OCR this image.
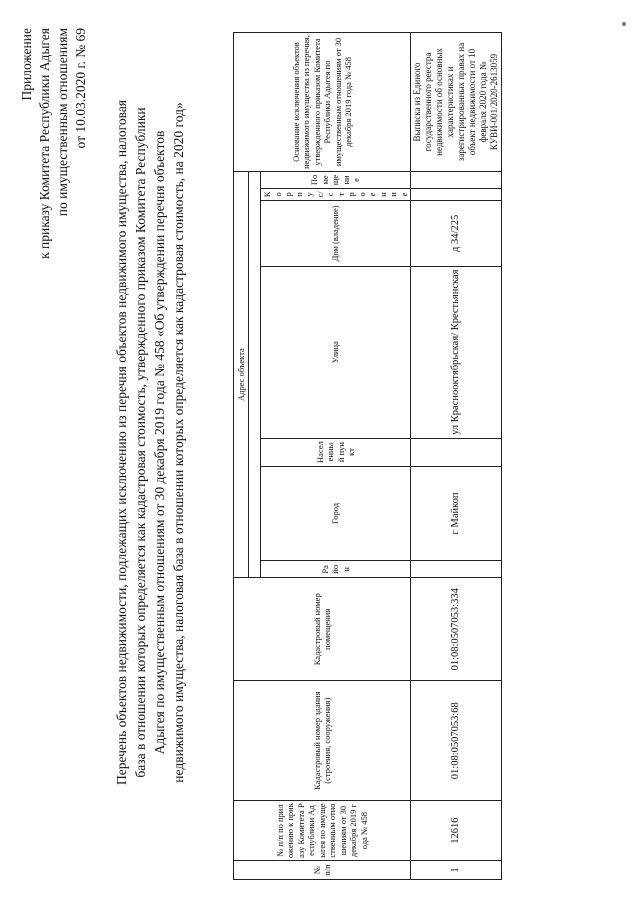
Приложение к приказу Комитета Республики Адыгея по имущественным отношениям от 10.03.2020 г. № 69
Перечень объектов недвижимости, подлежащих исключению из перечня объектов недвижимого имущества, налоговая база в отношении которых определяется как кадастровая стоимость, утвержденного приказом Комитета Республики Адыгея по имущественным отношениям от 30 декабря 2019 года № 458 «Об утверждении перечня объектов недвижимого имущества, налоговая база в отношении которых определяется как кадастровая стоимость, на 2020 год»
№ п/п	№ п/п по приложению к приказу Комитета Республики Адыгея по имущественным отношениям от 30 декабря 2019 года № 458	Кадастровый номер здания (строения, сооружения)	Кадастровый номер помещения	Адрес объекта							Основание исключения объектов недвижимого имущества из перечня, утвержденного приказом Комитета Республики Адыгея по имущественным отношениям от 30 декабря 2019 года № 458

				Район	Город	Населенный пункт	Улица	Дом (владение)	Корпус/строение	Помещение	
1	12616	01:08:0507053:68	01:08:0507053:334		г Майкоп		ул Краснооктябрьская/ Крестьянская	д 34/225			Выписка из Единого государственного реестра недвижимости об основных характеристиках и зарегистрированных правах на объект недвижимости от 10 февраля 2020 года № КУВИ-001/2020-2613059
